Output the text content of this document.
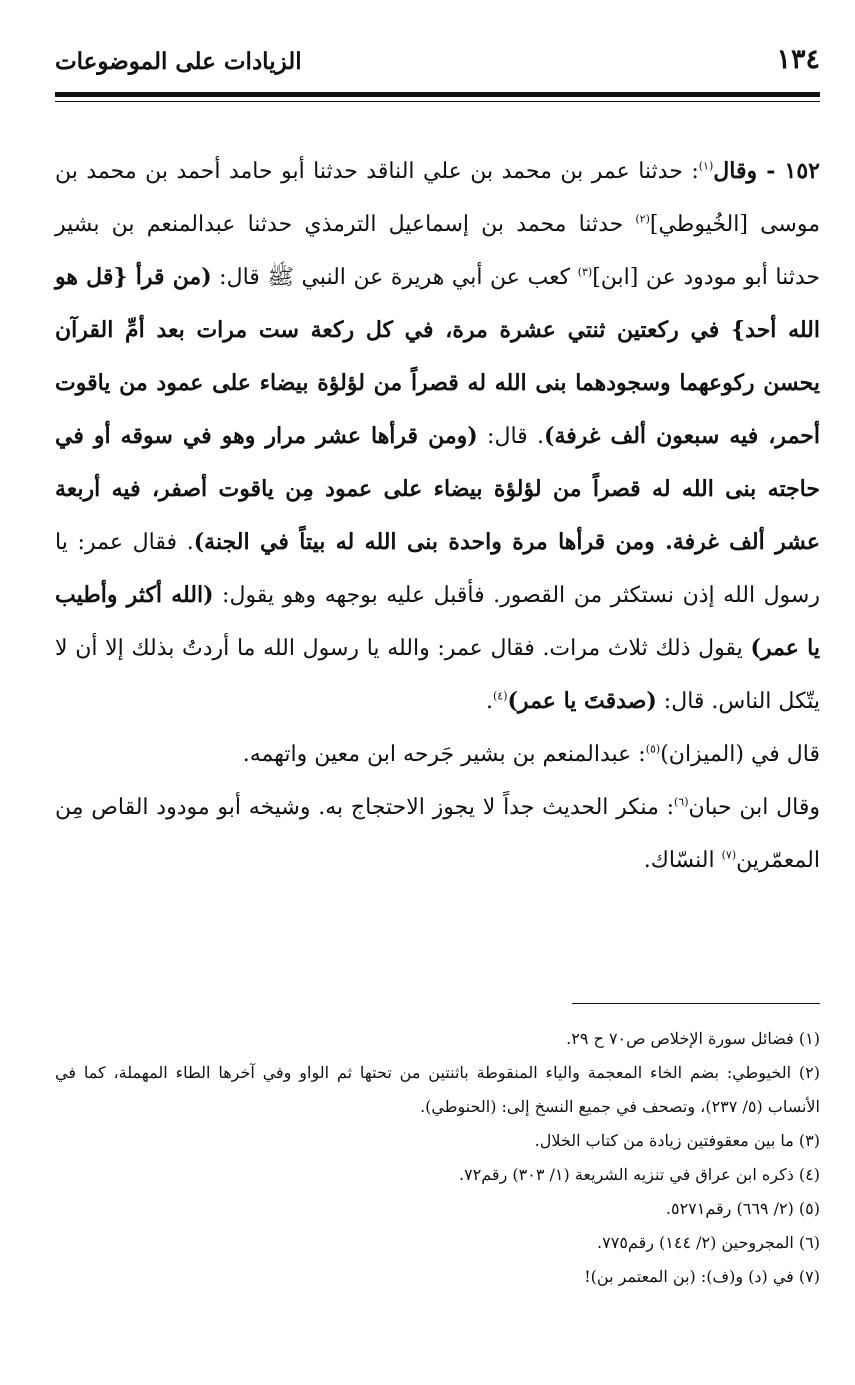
١٣٤
الزيادات على الموضوعات

١٥٢ - وقال$^{(١)}$: حدثنا عمر بن محمد بن علي الناقد حدثنا أبو حامد أحمد بن محمد بن موسى [الخُيوطي]$^{(٢)}$ حدثنا محمد بن إسماعيل الترمذي حدثنا عبدالمنعم بن بشير حدثنا أبو مودود عن [ابن]$^{(٣)}$ كعب عن أبي هريرة عن النبي ﷺ قال: (من قرأ {قل هو الله أحد} في ركعتين ثنتي عشرة مرة، في كل ركعة ست مرات بعد أمِّ القرآن يحسن ركوعهما وسجودهما بنى الله له قصراً من لؤلؤة بيضاء على عمود من ياقوت أحمر، فيه سبعون ألف غرفة). قال: (ومن قرأها عشر مرار وهو في سوقه أو في حاجته بنى الله له قصراً من لؤلؤة بيضاء على عمود مِن ياقوت أصفر، فيه أربعة عشر ألف غرفة. ومن قرأها مرة واحدة بنى الله له بيتاً في الجنة). فقال عمر: يا رسول الله إذن نستكثر من القصور. فأقبل عليه بوجهه وهو يقول: (الله أكثر وأطيب يا عمر) يقول ذلك ثلاث مرات. فقال عمر: والله يا رسول الله ما أردتُ بذلك إلا أن لا يتّكل الناس. قال: (صدقتَ يا عمر)$^{(٤)}$.

قال في (الميزان)$^{(٥)}$: عبدالمنعم بن بشير جَرحه ابن معين واتهمه.

وقال ابن حبان$^{(٦)}$: منكر الحديث جداً لا يجوز الاحتجاج به. وشيخه أبو مودود القاص مِن المعمّرين$^{(٧)}$ النسّاك.

(١) فضائل سورة الإخلاص ص٧٠ ح ٢٩.

(٢) الخيوطي: بضم الخاء المعجمة والياء المنقوطة باثنتين من تحتها ثم الواو وفي آخرها الطاء المهملة، كما في الأنساب (٥/ ٢٣٧)، وتصحف في جميع النسخ إلى: (الحنوطي).

(٣) ما بين معقوفتين زيادة من كتاب الخلال.

(٤) ذكره ابن عراق في تنزيه الشريعة (١/ ٣٠٣) رقم٧٢.

(٥) (٢/ ٦٦٩) رقم٥٢٧١.

(٦) المجروحين (٢/ ١٤٤) رقم٧٧٥.

(٧) في (د) و(ف): (بن المعتمر بن)!
